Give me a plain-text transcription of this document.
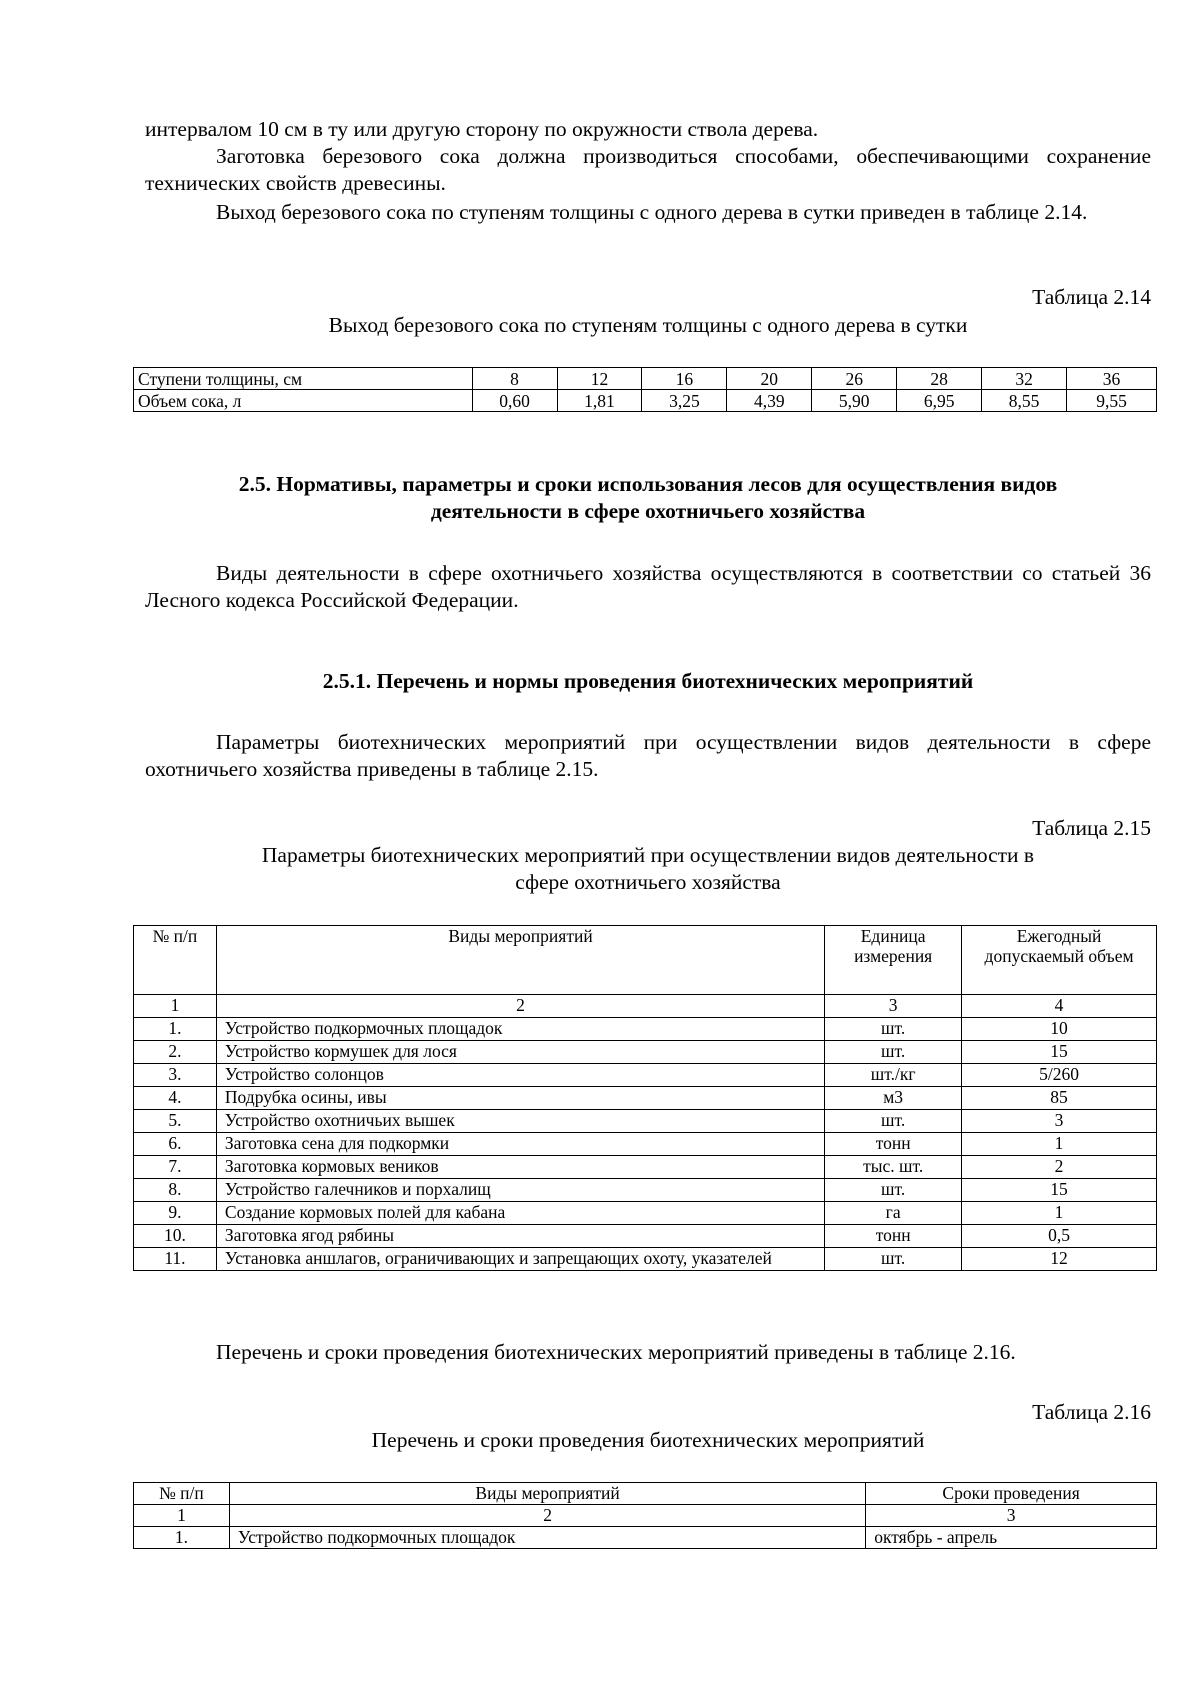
интервалом 10 см в ту или другую сторону по окружности ствола дерева.

Заготовка березового сока должна производиться способами, обеспечивающими сохранение технических свойств древесины.

Выход березового сока по ступеням толщины с одного дерева в сутки приведен в таблице 2.14.

Таблица 2.14

Выход березового сока по ступеням толщины с одного дерева в сутки

Ступени толщины, см	8	12	16	20	26	28	32	36
Объем сока, л	0,60	1,81	3,25	4,39	5,90	6,95	8,55	9,55

2.5. Нормативы, параметры и сроки использования лесов для осуществления видов

деятельности в сфере охотничьего хозяйства

Виды деятельности в сфере охотничьего хозяйства осуществляются в соответствии со статьей 36 Лесного кодекса Российской Федерации.

2.5.1. Перечень и нормы проведения биотехнических мероприятий

Параметры биотехнических мероприятий при осуществлении видов деятельности в сфере охотничьего хозяйства приведены в таблице 2.15.

Таблица 2.15

Параметры биотехнических мероприятий при осуществлении видов деятельности в

сфере охотничьего хозяйства

№ п/п	Виды мероприятий	Единица измерения	Ежегодный допускаемый объем
1	2	3	4
1.	Устройство подкормочных площадок	шт.	10
2.	Устройство кормушек для лося	шт.	15
3.	Устройство солонцов	шт./кг	5/260
4.	Подрубка осины, ивы	м3	85
5.	Устройство охотничьих вышек	шт.	3
6.	Заготовка сена для подкормки	тонн	1
7.	Заготовка кормовых веников	тыс. шт.	2
8.	Устройство галечников и порхалищ	шт.	15
9.	Создание кормовых полей для кабана	га	1
10.	Заготовка ягод рябины	тонн	0,5
11.	Установка аншлагов, ограничивающих и запрещающих охоту, указателей	шт.	12

Перечень и сроки проведения биотехнических мероприятий приведены в таблице 2.16.

Таблица 2.16

Перечень и сроки проведения биотехнических мероприятий

№ п/п	Виды мероприятий	Сроки проведения
1	2	3
1.	Устройство подкормочных площадок	октябрь - апрель
